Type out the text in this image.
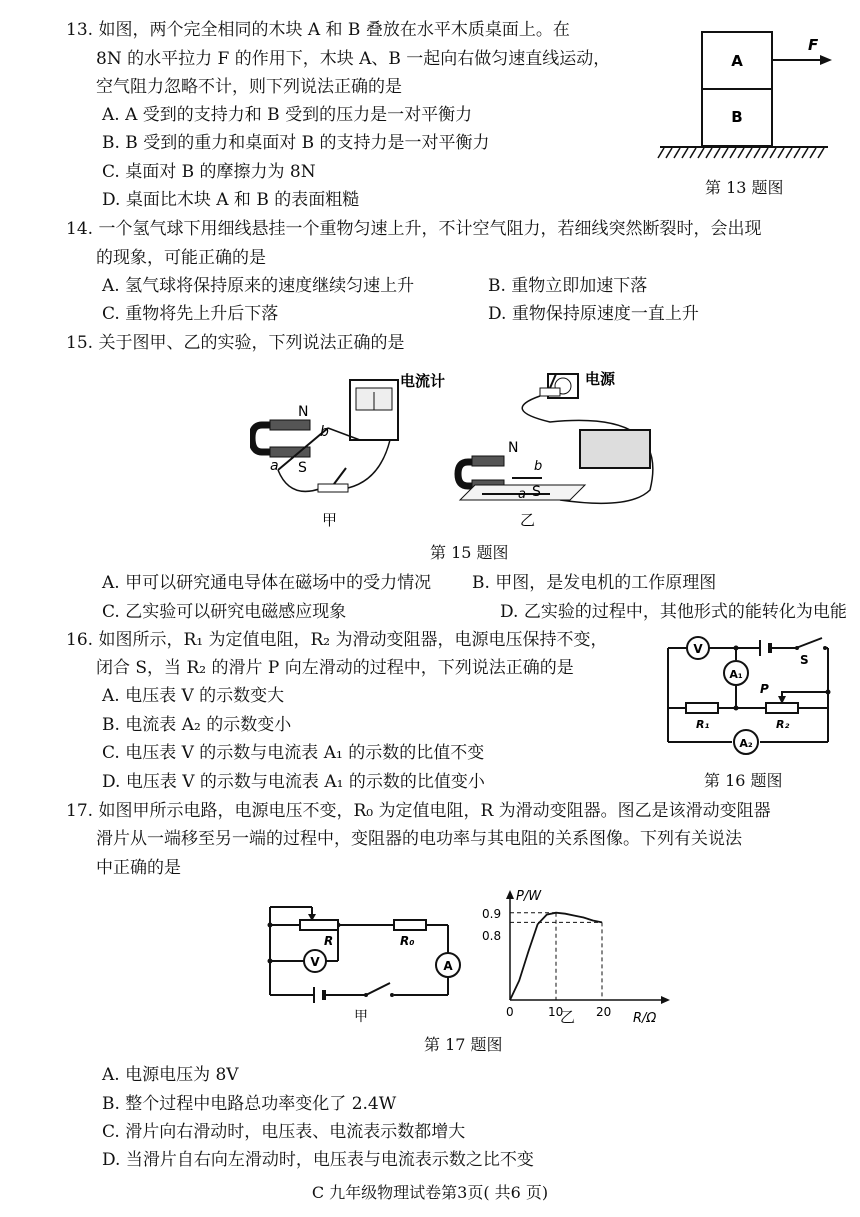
13. 如图，两个完全相同的木块 A 和 B 叠放在水平木质桌面上。在
8N 的水平拉力 F 的作用下，木块 A、B 一起向右做匀速直线运动，
空气阻力忽略不计，则下列说法正确的是
A. A 受到的支持力和 B 受到的压力是一对平衡力
B. B 受到的重力和桌面对 B 的支持力是一对平衡力
C. 桌面对 B 的摩擦力为 8N
D. 桌面比木块 A 和 B 的表面粗糙
A
B
F
第 13 题图
14. 一个氢气球下用细线悬挂一个重物匀速上升，不计空气阻力，若细线突然断裂时，会出现
的现象，可能正确的是
A. 氢气球将保持原来的速度继续匀速上升	B. 重物立即加速下落
C. 重物将先上升后下落	D. 重物保持原速度一直上升
15. 关于图甲、乙的实验，下列说法正确的是
电流计
N
S
a
b
甲
电源
N
S
a
b
乙
第 15 题图
A. 甲可以研究通电导体在磁场中的受力情况 B. 甲图，是发电机的工作原理图
C. 乙实验可以研究电磁感应现象	D. 乙实验的过程中，其他形式的能转化为电能
16. 如图所示，R₁ 为定值电阻，R₂ 为滑动变阻器，电源电压保持不变，
闭合 S，当 R₂ 的滑片 P 向左滑动的过程中，下列说法正确的是
A. 电压表 V 的示数变大
B. 电流表 A₂ 的示数变小
C. 电压表 V 的示数与电流表 A₁ 的示数的比值不变
D. 电压表 V 的示数与电流表 A₁ 的示数的比值变小
V
A₁
A₂
R₁	R₂
P
S
第 16 题图
17. 如图甲所示电路，电源电压不变，R₀ 为定值电阻，R 为滑动变阻器。图乙是该滑动变阻器
滑片从一端移至另一端的过程中，变阻器的电功率与其电阻的关系图像。下列有关说法
中正确的是
V	A
R	R₀
甲
P/W
R/Ω
0	10	20
0.9
0.8
乙
第 17 题图
A. 电源电压为 8V
B. 整个过程中电路总功率变化了 2.4W
C. 滑片向右滑动时，电压表、电流表示数都增大
D. 当滑片自右向左滑动时，电压表与电流表示数之比不变
C 九年级物理试卷第3页( 共6 页)
